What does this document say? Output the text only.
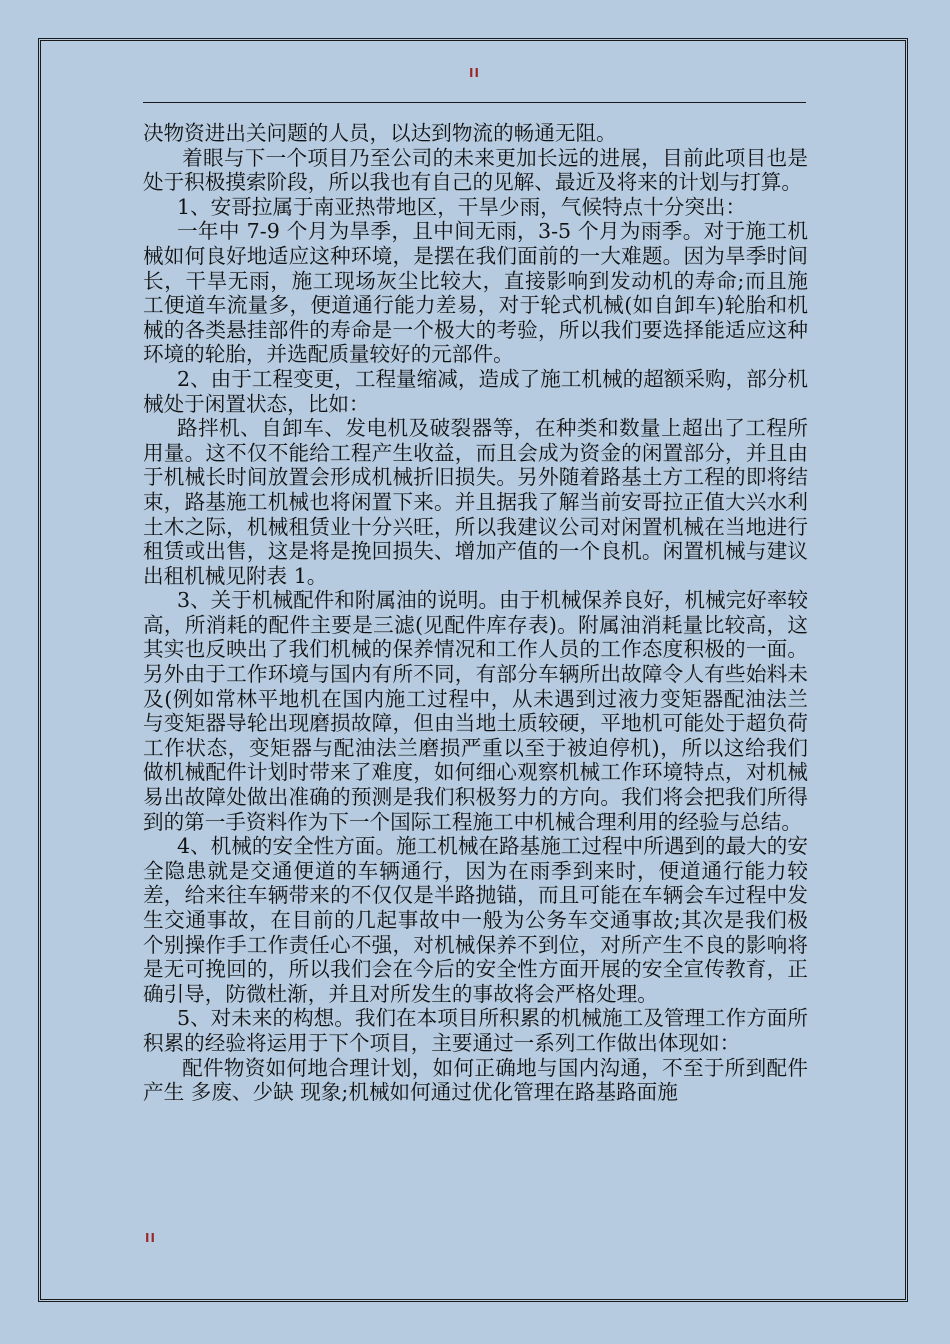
II

决物资进出关问题的人员，以达到物流的畅通无阻。

着眼与下一个项目乃至公司的未来更加长远的进展，目前此项目也是处于积极摸索阶段，所以我也有自己的见解、最近及将来的计划与打算。

1、安哥拉属于南亚热带地区，干旱少雨，气候特点十分突出：

一年中 7-9 个月为旱季，且中间无雨，3-5 个月为雨季。对于施工机械如何良好地适应这种环境，是摆在我们面前的一大难题。因为旱季时间长，干旱无雨，施工现场灰尘比较大，直接影响到发动机的寿命;而且施工便道车流量多，便道通行能力差易，对于轮式机械(如自卸车)轮胎和机械的各类悬挂部件的寿命是一个极大的考验，所以我们要选择能适应这种环境的轮胎，并选配质量较好的元部件。

2、由于工程变更，工程量缩减，造成了施工机械的超额采购，部分机械处于闲置状态，比如：

路拌机、自卸车、发电机及破裂器等，在种类和数量上超出了工程所用量。这不仅不能给工程产生收益，而且会成为资金的闲置部分，并且由于机械长时间放置会形成机械折旧损失。另外随着路基土方工程的即将结束，路基施工机械也将闲置下来。并且据我了解当前安哥拉正值大兴水利土木之际，机械租赁业十分兴旺，所以我建议公司对闲置机械在当地进行租赁或出售，这是将是挽回损失、增加产值的一个良机。闲置机械与建议出租机械见附表 1。

3、关于机械配件和附属油的说明。由于机械保养良好，机械完好率较高，所消耗的配件主要是三滤(见配件库存表)。附属油消耗量比较高，这其实也反映出了我们机械的保养情况和工作人员的工作态度积极的一面。另外由于工作环境与国内有所不同，有部分车辆所出故障令人有些始料未及(例如常林平地机在国内施工过程中，从未遇到过液力变矩器配油法兰与变矩器导轮出现磨损故障，但由当地土质较硬，平地机可能处于超负荷工作状态，变矩器与配油法兰磨损严重以至于被迫停机)，所以这给我们做机械配件计划时带来了难度，如何细心观察机械工作环境特点，对机械易出故障处做出准确的预测是我们积极努力的方向。我们将会把我们所得到的第一手资料作为下一个国际工程施工中机械合理利用的经验与总结。

4、机械的安全性方面。施工机械在路基施工过程中所遇到的最大的安全隐患就是交通便道的车辆通行，因为在雨季到来时，便道通行能力较差，给来往车辆带来的不仅仅是半路抛锚，而且可能在车辆会车过程中发生交通事故，在目前的几起事故中一般为公务车交通事故;其次是我们极个别操作手工作责任心不强，对机械保养不到位，对所产生不良的影响将是无可挽回的，所以我们会在今后的安全性方面开展的安全宣传教育，正确引导，防微杜渐，并且对所发生的事故将会严格处理。

5、对未来的构想。我们在本项目所积累的机械施工及管理工作方面所积累的经验将运用于下个项目，主要通过一系列工作做出体现如：

配件物资如何地合理计划，如何正确地与国内沟通，不至于所到配件产生 多废、少缺 现象;机械如何通过优化管理在路基路面施

II
